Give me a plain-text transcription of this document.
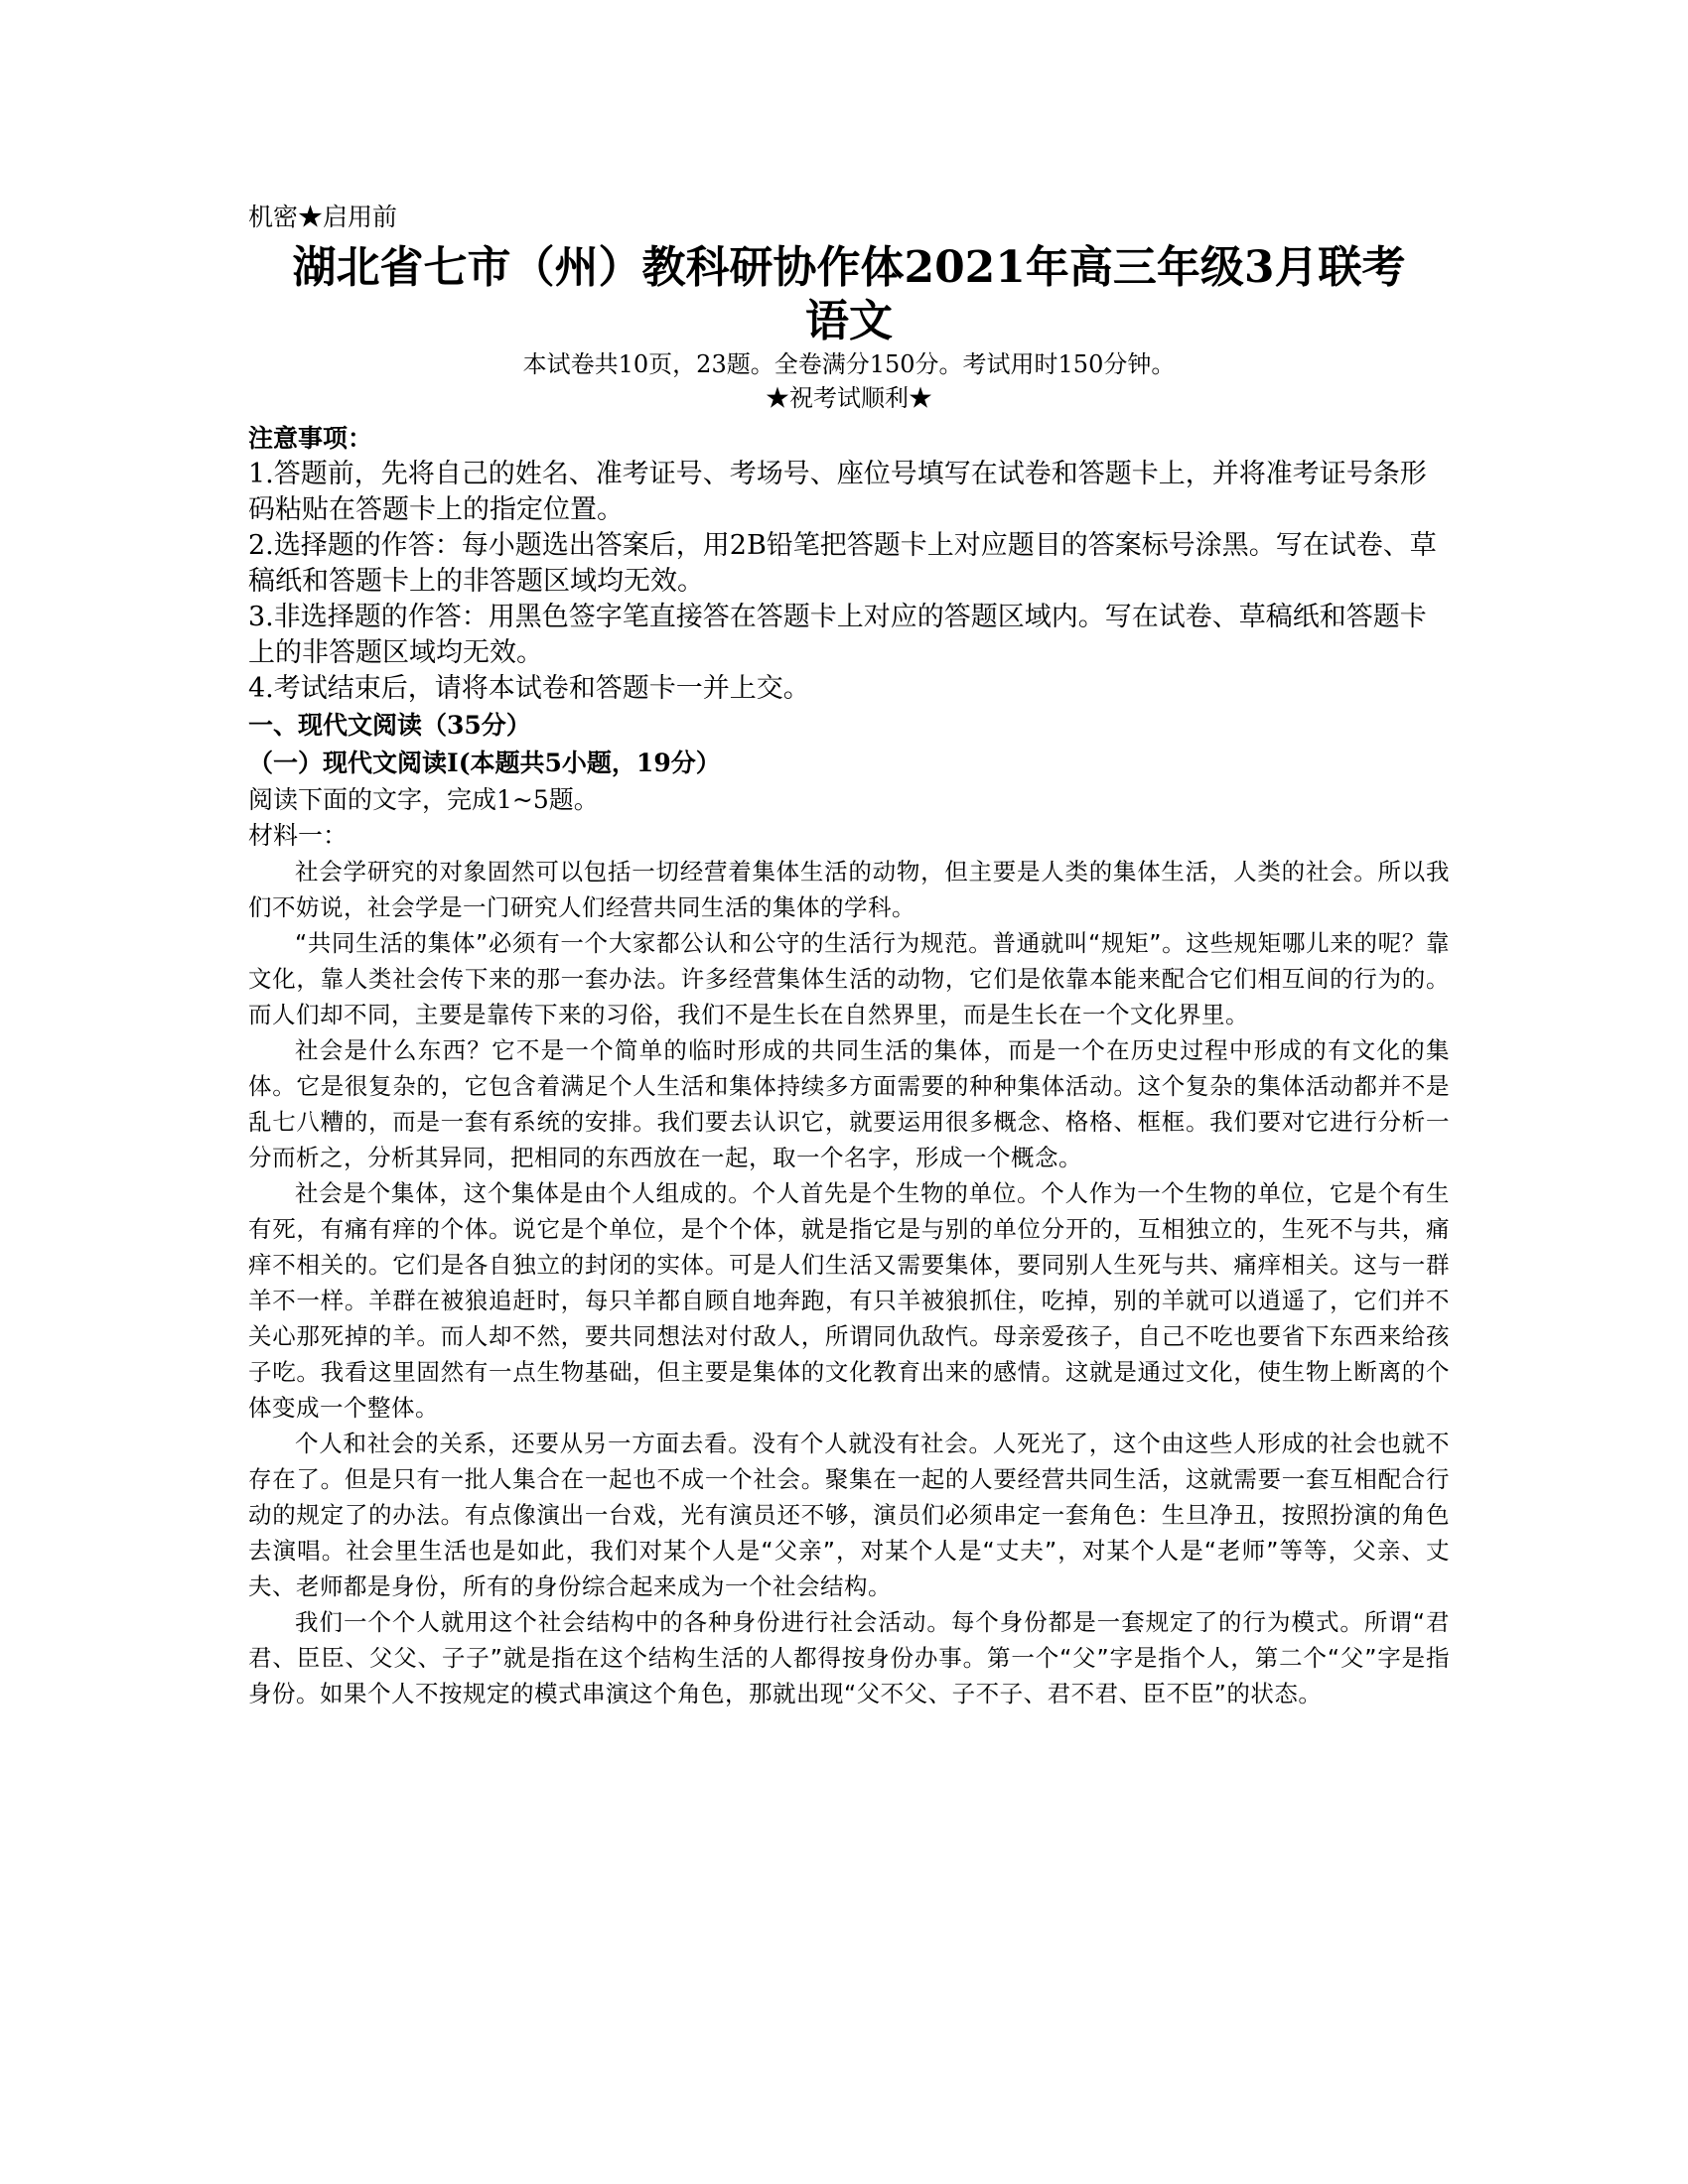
机密★启用前
湖北省七市（州）教科研协作体2021年高三年级3月联考
语文
本试卷共10页，23题。全卷满分150分。考试用时150分钟。
★祝考试顺利★
注意事项：
1.答题前，先将自己的姓名、准考证号、考场号、座位号填写在试卷和答题卡上，并将准考证号条形码粘贴在答题卡上的指定位置。
2.选择题的作答：每小题选出答案后，用2B铅笔把答题卡上对应题目的答案标号涂黑。写在试卷、草稿纸和答题卡上的非答题区域均无效。
3.非选择题的作答：用黑色签字笔直接答在答题卡上对应的答题区域内。写在试卷、草稿纸和答题卡上的非答题区域均无效。
4.考试结束后，请将本试卷和答题卡一并上交。
一、现代文阅读（35分）
（一）现代文阅读I(本题共5小题，19分）
阅读下面的文字，完成1~5题。
材料一：
社会学研究的对象固然可以包括一切经营着集体生活的动物，但主要是人类的集体生活，人类的社会。所以我们不妨说，社会学是一门研究人们经营共同生活的集体的学科。
“共同生活的集体”必须有一个大家都公认和公守的生活行为规范。普通就叫“规矩”。这些规矩哪儿来的呢？靠文化，靠人类社会传下来的那一套办法。许多经营集体生活的动物，它们是依靠本能来配合它们相互间的行为的。而人们却不同，主要是靠传下来的习俗，我们不是生长在自然界里，而是生长在一个文化界里。
社会是什么东西？它不是一个简单的临时形成的共同生活的集体，而是一个在历史过程中形成的有文化的集体。它是很复杂的，它包含着满足个人生活和集体持续多方面需要的种种集体活动。这个复杂的集体活动都并不是乱七八糟的，而是一套有系统的安排。我们要去认识它，就要运用很多概念、格格、框框。我们要对它进行分析一分而析之，分析其异同，把相同的东西放在一起，取一个名字，形成一个概念。
社会是个集体，这个集体是由个人组成的。个人首先是个生物的单位。个人作为一个生物的单位，它是个有生有死，有痛有痒的个体。说它是个单位，是个个体，就是指它是与别的单位分开的，互相独立的，生死不与共，痛痒不相关的。它们是各自独立的封闭的实体。可是人们生活又需要集体，要同别人生死与共、痛痒相关。这与一群羊不一样。羊群在被狼追赶时，每只羊都自顾自地奔跑，有只羊被狼抓住，吃掉，别的羊就可以逍遥了，它们并不关心那死掉的羊。而人却不然，要共同想法对付敌人，所谓同仇敌忾。母亲爱孩子，自己不吃也要省下东西来给孩子吃。我看这里固然有一点生物基础，但主要是集体的文化教育出来的感情。这就是通过文化，使生物上断离的个体变成一个整体。
个人和社会的关系，还要从另一方面去看。没有个人就没有社会。人死光了，这个由这些人形成的社会也就不存在了。但是只有一批人集合在一起也不成一个社会。聚集在一起的人要经营共同生活，这就需要一套互相配合行动的规定了的办法。有点像演出一台戏，光有演员还不够，演员们必须串定一套角色：生旦净丑，按照扮演的角色去演唱。社会里生活也是如此，我们对某个人是“父亲”，对某个人是“丈夫”，对某个人是“老师”等等，父亲、丈夫、老师都是身份，所有的身份综合起来成为一个社会结构。
我们一个个人就用这个社会结构中的各种身份进行社会活动。每个身份都是一套规定了的行为模式。所谓“君君、臣臣、父父、子子”就是指在这个结构生活的人都得按身份办事。第一个“父”字是指个人，第二个“父”字是指身份。如果个人不按规定的模式串演这个角色，那就出现“父不父、子不子、君不君、臣不臣”的状态。
